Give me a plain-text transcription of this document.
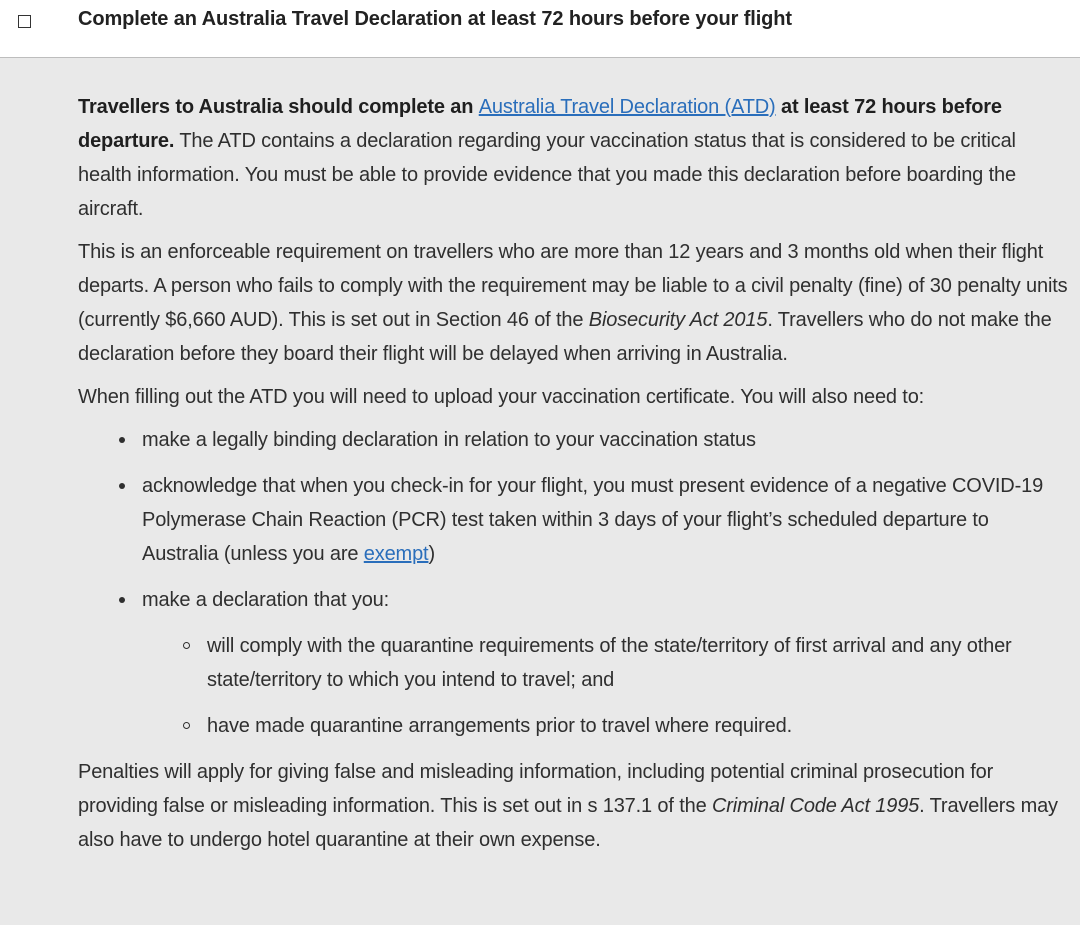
Complete an Australia Travel Declaration at least 72 hours before your flight

Travellers to Australia should complete an Australia Travel Declaration (ATD) at least 72 hours before departure. The ATD contains a declaration regarding your vaccination status that is considered to be critical health information. You must be able to provide evidence that you made this declaration before boarding the aircraft.

This is an enforceable requirement on travellers who are more than 12 years and 3 months old when their flight departs. A person who fails to comply with the requirement may be liable to a civil penalty (fine) of 30 penalty units (currently $6,660 AUD). This is set out in Section 46 of the Biosecurity Act 2015. Travellers who do not make the declaration before they board their flight will be delayed when arriving in Australia.

When filling out the ATD you will need to upload your vaccination certificate. You will also need to:

make a legally binding declaration in relation to your vaccination status
acknowledge that when you check-in for your flight, you must present evidence of a negative COVID-19 Polymerase Chain Reaction (PCR) test taken within 3 days of your flight’s scheduled departure to Australia (unless you are exempt)
make a declaration that you:
will comply with the quarantine requirements of the state/territory of first arrival and any other state/territory to which you intend to travel; and
have made quarantine arrangements prior to travel where required.

Penalties will apply for giving false and misleading information, including potential criminal prosecution for providing false or misleading information. This is set out in s 137.1 of the Criminal Code Act 1995. Travellers may also have to undergo hotel quarantine at their own expense.
